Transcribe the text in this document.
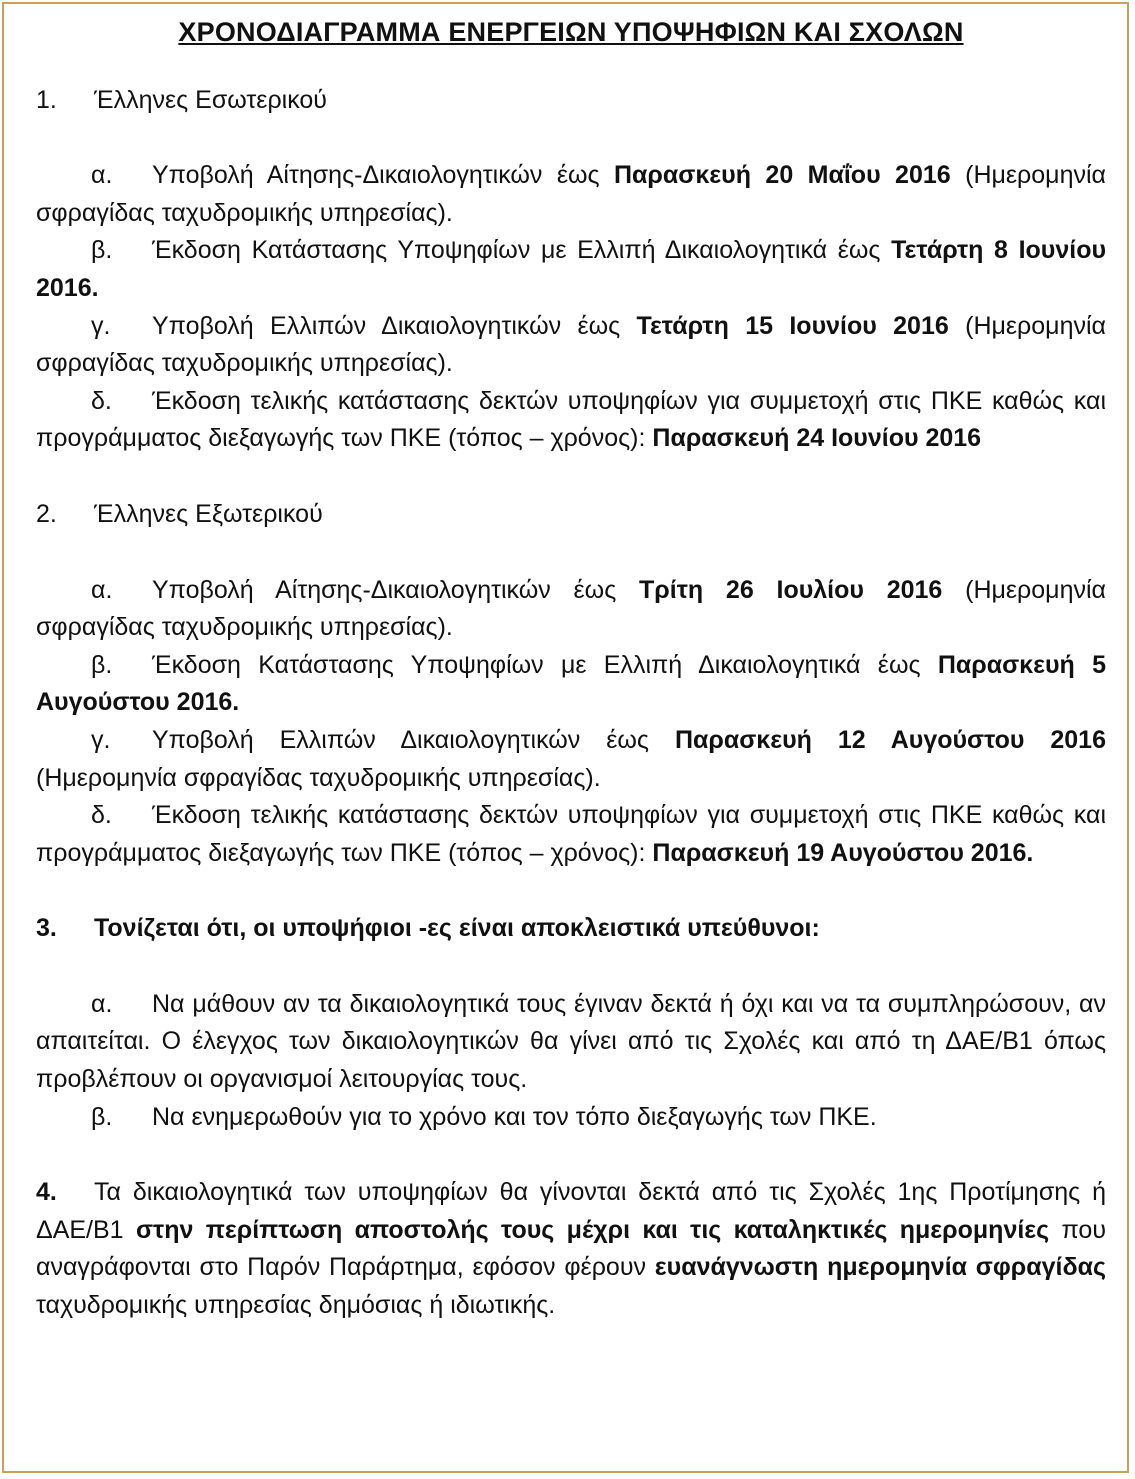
ΧΡΟΝΟΔΙΑΓΡΑΜΜΑ ΕΝΕΡΓΕΙΩΝ ΥΠΟΨΗΦΙΩΝ ΚΑΙ ΣΧΟΛΩΝ
1. Έλληνες Εσωτερικού

α. Υποβολή Αίτησης-Δικαιολογητικών έως Παρασκευή 20 Μαΐου 2016 (Ημερομηνία σφραγίδας ταχυδρομικής υπηρεσίας).

β. Έκδοση Κατάστασης Υποψηφίων με Ελλιπή Δικαιολογητικά έως Τετάρτη 8 Ιουνίου 2016.

γ. Υποβολή Ελλιπών Δικαιολογητικών έως Τετάρτη 15 Ιουνίου 2016 (Ημερομηνία σφραγίδας ταχυδρομικής υπηρεσίας).

δ. Έκδοση τελικής κατάστασης δεκτών υποψηφίων για συμμετοχή στις ΠΚΕ καθώς και προγράμματος διεξαγωγής των ΠΚΕ (τόπος – χρόνος): Παρασκευή 24 Ιουνίου 2016

2. Έλληνες Εξωτερικού

α. Υποβολή Αίτησης-Δικαιολογητικών έως Τρίτη 26 Ιουλίου 2016 (Ημερομηνία σφραγίδας ταχυδρομικής υπηρεσίας).

β. Έκδοση Κατάστασης Υποψηφίων με Ελλιπή Δικαιολογητικά έως Παρασκευή 5 Αυγούστου 2016.

γ. Υποβολή Ελλιπών Δικαιολογητικών έως Παρασκευή 12 Αυγούστου 2016 (Ημερομηνία σφραγίδας ταχυδρομικής υπηρεσίας).

δ. Έκδοση τελικής κατάστασης δεκτών υποψηφίων για συμμετοχή στις ΠΚΕ καθώς και προγράμματος διεξαγωγής των ΠΚΕ (τόπος – χρόνος): Παρασκευή 19 Αυγούστου 2016.

3. Τονίζεται ότι, οι υποψήφιοι -ες είναι αποκλειστικά υπεύθυνοι:

α. Να μάθουν αν τα δικαιολογητικά τους έγιναν δεκτά ή όχι και να τα συμπληρώσουν, αν απαιτείται. Ο έλεγχος των δικαιολογητικών θα γίνει από τις Σχολές και από τη ΔΑΕ/Β1 όπως προβλέπουν οι οργανισμοί λειτουργίας τους.

β. Να ενημερωθούν για το χρόνο και τον τόπο διεξαγωγής των ΠΚΕ.

4. Τα δικαιολογητικά των υποψηφίων θα γίνονται δεκτά από τις Σχολές 1ης Προτίμησης ή ΔΑΕ/Β1 στην περίπτωση αποστολής τους μέχρι και τις καταληκτικές ημερομηνίες που αναγράφονται στο Παρόν Παράρτημα, εφόσον φέρουν ευανάγνωστη ημερομηνία σφραγίδας ταχυδρομικής υπηρεσίας δημόσιας ή ιδιωτικής.
